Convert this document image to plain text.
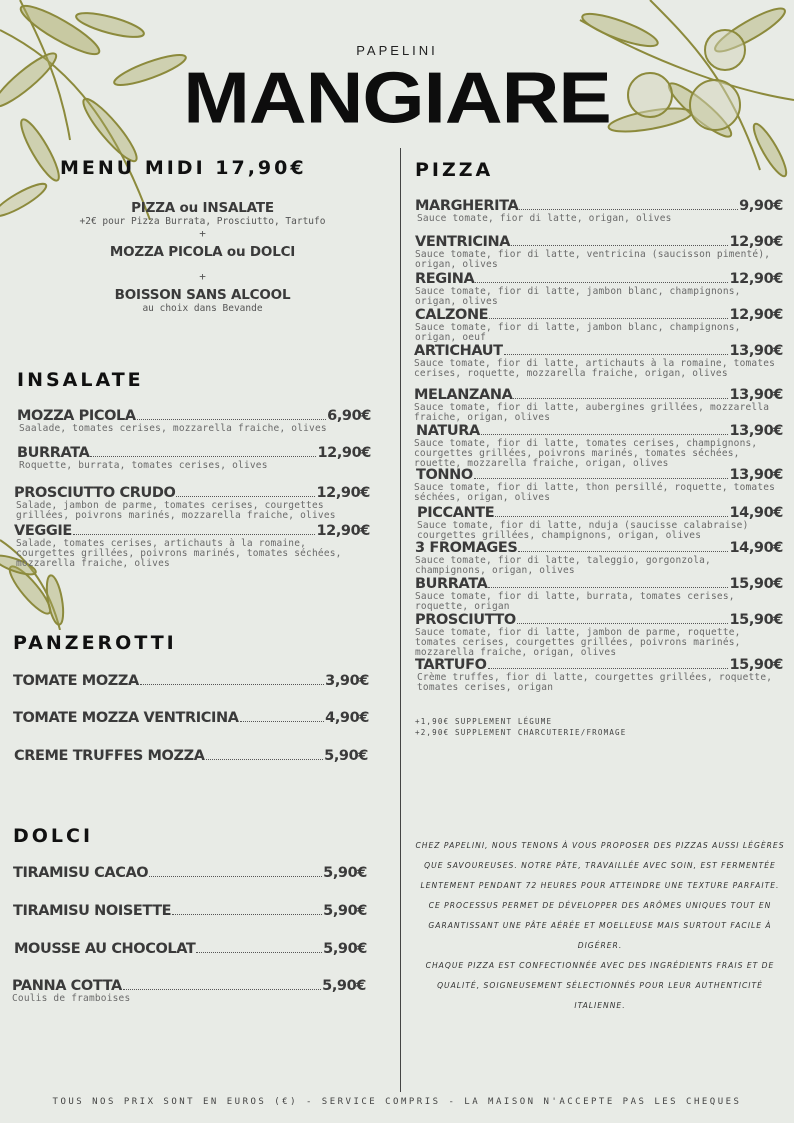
PAPELINI
MANGIARE
MENU MIDI 17,90€
PIZZA ou INSALATE
+2€ pour Pizza Burrata, Prosciutto, Tartufo
+
MOZZA PICOLA ou DOLCI
+
BOISSON SANS ALCOOL
au choix dans Bevande
INSALATE
MOZZA PICOLA	6,90€
Saalade, tomates cerises, mozzarella fraiche, olives
BURRATA	12,90€
Roquette, burrata, tomates cerises, olives
PROSCIUTTO CRUDO	12,90€
Salade, jambon de parme, tomates cerises, courgettes grillées, poivrons marinés, mozzarella fraiche, olives
VEGGIE	12,90€
Salade, tomates cerises, artichauts à la romaine, courgettes grillées, poivrons marinés, tomates séchées, mozzarella fraiche, olives
PANZEROTTI
TOMATE MOZZA	3,90€
TOMATE MOZZA VENTRICINA	4,90€
CREME TRUFFES MOZZA	5,90€
DOLCI
TIRAMISU CACAO	5,90€
TIRAMISU NOISETTE	5,90€
MOUSSE AU CHOCOLAT	5,90€
PANNA COTTA	5,90€
Coulis de framboises
PIZZA
MARGHERITA	9,90€
Sauce tomate, fior di latte, origan, olives
VENTRICINA	12,90€
Sauce tomate, fior di latte, ventricina (saucisson pimenté), origan, olives
REGINA	12,90€
Sauce tomate, fior di latte, jambon blanc, champignons, origan, olives
CALZONE	12,90€
Sauce tomate, fior di latte, jambon blanc, champignons, origan, oeuf
ARTICHAUT	13,90€
Sauce tomate, fior di latte, artichauts à la romaine, tomates cerises, roquette, mozzarella fraiche, origan, olives
MELANZANA	13,90€
Sauce tomate, fior di latte, aubergines grillées, mozzarella fraiche, origan, olives
NATURA	13,90€
Sauce tomate, fior di latte, tomates cerises, champignons, courgettes grillées, poivrons marinés, tomates séchées, rouette, mozzarella fraiche, origan, olives
TONNO	13,90€
Sauce tomate, fior di latte, thon persillé, roquette, tomates séchées, origan, olives
PICCANTE	14,90€
Sauce tomate, fior di latte, nduja (saucisse calabraise) courgettes grillées, champignons, origan, olives
3 FROMAGES	14,90€
Sauce tomate, fior di latte, taleggio, gorgonzola, champignons, origan, olives
BURRATA	15,90€
Sauce tomate, fior di latte, burrata, tomates cerises, roquette, origan
PROSCIUTTO	15,90€
Sauce tomate, fior di latte, jambon de parme, roquette, tomates cerises, courgettes grillées, poivrons marinés, mozzarella fraiche, origan, olives
TARTUFO	15,90€
Crème truffes, fior di latte, courgettes grillées, roquette, tomates cerises, origan
+1,90€ SUPPLEMENT LÉGUME
+2,90€ SUPPLEMENT CHARCUTERIE/FROMAGE
CHEZ PAPELINI, NOUS TENONS À VOUS PROPOSER DES PIZZAS AUSSI LÉGÈRES QUE SAVOUREUSES. NOTRE PÂTE, TRAVAILLÉE AVEC SOIN, EST FERMENTÉE LENTEMENT PENDANT 72 HEURES POUR ATTEINDRE UNE TEXTURE PARFAITE. CE PROCESSUS PERMET DE DÉVELOPPER DES ARÔMES UNIQUES TOUT EN GARANTISSANT UNE PÂTE AÉRÉE ET MOELLEUSE MAIS SURTOUT FACILE À DIGÉRER.
CHAQUE PIZZA EST CONFECTIONNÉE AVEC DES INGRÉDIENTS FRAIS ET DE QUALITÉ, SOIGNEUSEMENT SÉLECTIONNÉS POUR LEUR AUTHENTICITÉ ITALIENNE.
TOUS NOS PRIX SONT EN EUROS (€) - SERVICE COMPRIS - LA MAISON N'ACCEPTE PAS LES CHEQUES
